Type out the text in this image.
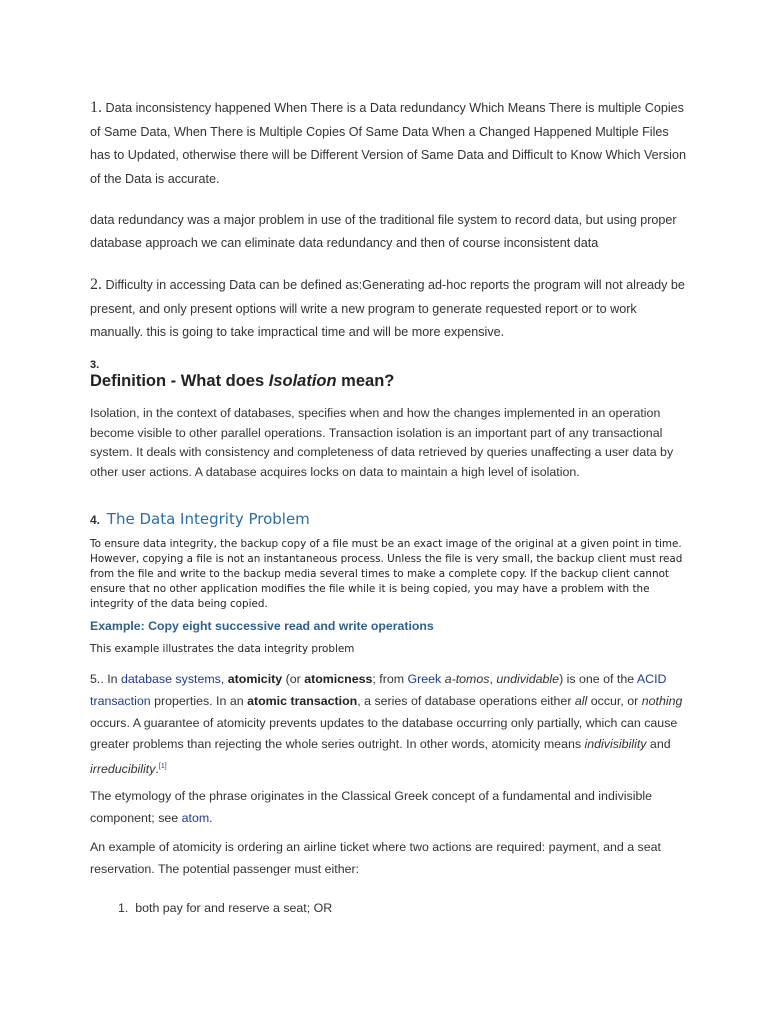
1. Data inconsistency happened When There is a Data redundancy Which Means There is multiple Copies of Same Data, When There is Multiple Copies Of Same Data When a Changed Happened Multiple Files has to Updated, otherwise there will be Different Version of Same Data and Difficult to Know Which Version of the Data is accurate.
data redundancy was a major problem in use of the traditional file system to record data, but using proper database approach we can eliminate data redundancy and then of course inconsistent data
2. Difficulty in accessing Data can be defined as:Generating ad-hoc reports the program will not already be present, and only present options will write a new program to generate requested report or to work manually. this is going to take impractical time and will be more expensive.
3.
Definition - What does Isolation mean?
Isolation, in the context of databases, specifies when and how the changes implemented in an operation become visible to other parallel operations. Transaction isolation is an important part of any transactional system. It deals with consistency and completeness of data retrieved by queries unaffecting a user data by other user actions. A database acquires locks on data to maintain a high level of isolation.
4. The Data Integrity Problem
To ensure data integrity, the backup copy of a file must be an exact image of the original at a given point in time. However, copying a file is not an instantaneous process. Unless the file is very small, the backup client must read from the file and write to the backup media several times to make a complete copy. If the backup client cannot ensure that no other application modifies the file while it is being copied, you may have a problem with the integrity of the data being copied.
Example: Copy eight successive read and write operations
This example illustrates the data integrity problem
5.. In database systems, atomicity (or atomicness; from Greek a-tomos, undividable) is one of the ACID transaction properties. In an atomic transaction, a series of database operations either all occur, or nothing occurs. A guarantee of atomicity prevents updates to the database occurring only partially, which can cause greater problems than rejecting the whole series outright. In other words, atomicity means indivisibility and irreducibility.[1]
The etymology of the phrase originates in the Classical Greek concept of a fundamental and indivisible component; see atom.
An example of atomicity is ordering an airline ticket where two actions are required: payment, and a seat reservation. The potential passenger must either:
1. both pay for and reserve a seat; OR
